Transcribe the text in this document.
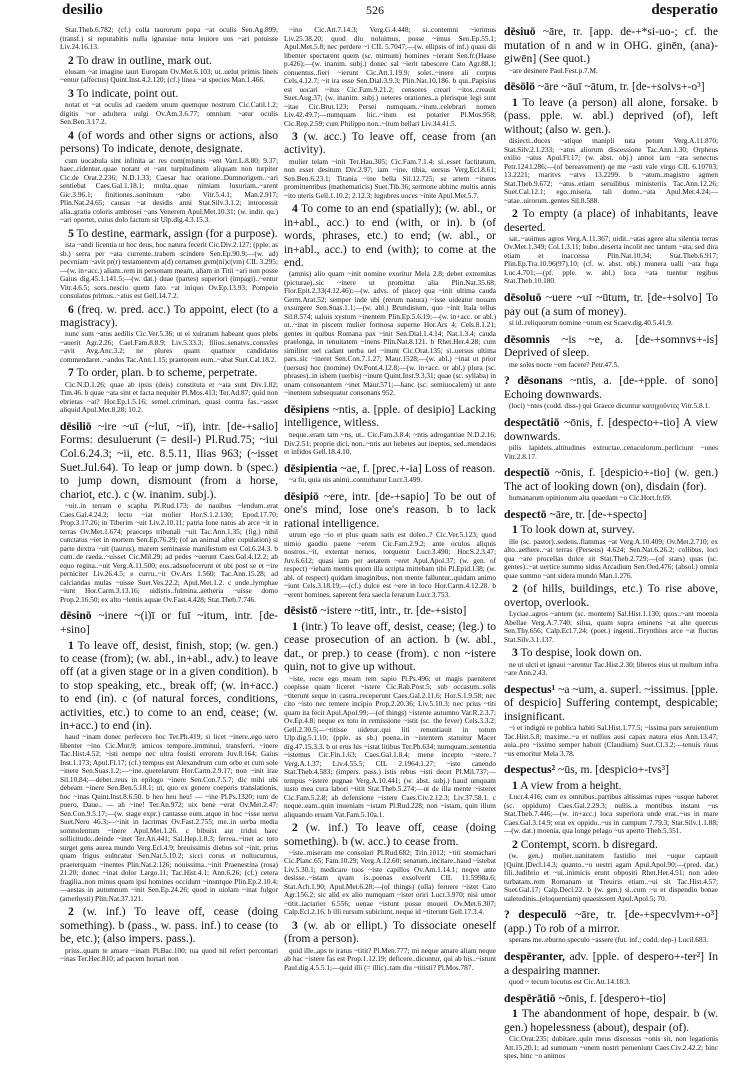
desilio	526	desperatio
Stat.Theb.6.782; (cf.) colla taurorum popa ~at oculis Sen.Ag.899; (transf.) si reputabitis nulla ignauiae nota leuiore uos ~ari potuisse Liv.24.16.13.
2 To draw in outline, mark out.
elusam ~at imagine tauri Europam Ov.Met.6.103; ut..uelut primis lineis ~entur (affectus) Quint.Inst.4.2.120; (cf.) linea ~at species Man.1.466.
3 To indicate, point out.
notat et ~at oculis ad caedem unum quemque nostrum Cic.Catil.1.2; digitis ~or adultera uulgi Ov.Am.3.6.77; omnium ~atur oculis Sen.Ben.3.17.2.
4 (of words and other signs or actions, also persons) To indicate, denote, designate.
cum uocabula sint infinita ac res com(m)unis ~ent Varr.L.8.80; 9.37; haec..ridentur..quae notant et ~ant turpitudinem aliquam non turpiter Cic.de Orat.2.236; N.D.1.33; Caesar hac oratione..Dumnorigem..~ari sentiebat Caes.Gal.1.18.1; multa..quae nimiam luxuriam..~arent Gic.3.96.1; finitiones..sonituum ~abo Vitr.5.4.1; Man.2.917; Plin.Nat.24.65; causas ~at desidis anni Stat.Silv.3.1.2; introcessit alia..gratia coloris ambrosei ~ans Venerem Apul.Met.10.31; (w. indir. qu.) ~ari oportet, cuius dolo factum sit Ulp.dig.4.3.15.3.
5 To destine, earmark, assign (for a purpose).
ista ~andi licentia ut hoc deus, hoc natura fecerit Cic.Div.2.127; (pple. as sb.) serra per ~ata currente..trabem scindere Sen.Ep.90.9;—(w. ad) pecvniam ~avit pr(r) testamentvm a(d) certamen gvm(ni)c(vm) CIL 3.295;—(w. in+acc.) aliam..rem in personam meam, aliam in Titii ~ari non posse Gaius dig.45.1.141.5;—(w. dat.) duae (partes) superiori (impagi)..~entur Vitr.4.6.5; sors..nescio quem fato ~at iniquo Ov.Ep.13.93; Pompeio consulatus primus..~atus est Gell.14.7.2.
6 (freq. w. pred. acc.) To appoint, elect (to a magistracy).
nunc sum ~atus aedilis Cic.Ver.5.36; ut ei xuiratum habeant quos plebs ~auerit Agr.2.26; Cael.Fam.8.8.9; Liv.5.33.3; filios..senatvs..consvles ~avit Avg.Anc.3.2; ne plures quam quattuor candidatos commendaret..~andos Tac.Ann.1.15; praetorem eum..~abat Suet.Cal.18.2.
7 To order, plan. b to scheme, perpetrate.
Cic.N.D.1.26; quae ab ipsis (deis) constituta et ~ata sunt Div.1.82; Tim.46. b quae ~ata sint et facta nequiter Pl.Mos.413; Ter.Ad.87; quid non ebrietas ~at? Hor.Ep.1.5.16; semel..criminari, quasi contra fas..~asset aliquid Apul.Met.8.28; 10.2.
dēsiliō ~ire ~uī (~luī, ~iī), intr. [de-+salio] Forms: desuluerunt (= desil-) Pl.Rud.75; ~iui Col.6.24.3; ~ii, etc. 8.5.11, Ilias 963; (~isset Suet.Jul.64). To leap or jump down. b (spec.) to jump down, dismount (from a horse, chariot, etc.). c (w. inanim. subj.).
~uit..in terram e scapha Pl.Rud.173; de nauibus ~lendum..erat Caes.Gal.4.24.2; lecto ~iat mulier Hor.S.1.2.130; Epod.17.70; Prop.3.17.26; in Tiberim ~uit Liv.2.10.11; patria Ione natus ab arce ~it in terras Ov.Met.1.674; praeceps tribunali ~uit Tac.Ann.1.35; (fig.) nihil cunctatus ~iet in mortem Sen.Ep.76.29; (of an animal after copulation) si parte dextra ~uit (taurus), marem seminasse manifestum est Col.6.24.3. b cum..de raeda..~uisset Cic.Mil.29; ad pedes ~uerunt Caes.Gal.4.12.2; ab equo regina..~uit Verg.A.11.500; eos..adsuefecerunt et ubi post se et ~ire perniciter Liv.26.4.5; e curru..~it Ov.Ars 1.560; Tac.Ann.15.28; ad calciandas mulas ~uisse Suet.Ves.22.2; Apul.Met.1.2. c unde..lymphae ~iunt Hor.Carm.3.13.16; uidistis..fulmina..aetheria ~uisse domo Prop.2.16.50; ex alto ~lentis aquae Ov.Fast.4.428; Stat.Theb.7.746.
dēsinō ~inere ~(i)ī or fuī ~itum, intr. [de-+sino]
1 To leave off, desist, finish, stop; (w. gen.) to cease (from); (w. abl., in+abl., adv.) to leave off (at a given stage or in a given condition). b to stop speaking, etc., break off; (w. in+acc.) to end (in). c (of natural forces, conditions, activities, etc.) to come to an end, cease; (w. in+acc.) to end (in).
haud ~inam donec perfecero hoc Ter.Ph.419; si licet ~inere..ego uero libenter ~ino Cic.Mur.9; amicos tempore..imminui, transferri, ~inere Tac.Hist.4.52; ~isti nempe nec ultra fouisti errorem Juv.8.164; Gaius Inst.1.173; Apul.Fl.17; (cf.) tempus est Alexandrum cum orbe et cum sole ~inere Sen.Suas.1.2;—~ine..querelarum Hor.Carm.2.9.17; non ~init irae Sil.10.84;—debet..reus in epilogo ~inere Sen.Con.7.5.7; dic mihi ubi debeam ~inere Sen.Ben.5.18.1; ut, quo ex genere coeperis translationis, hoc ~inas Quint.Inst.8.6.50. b heu heu heu! — ~ine Pl.Ps.1320; tum de puero, Daue.. — ah ~ine! Ter.An.972; uix bene ~erat Ov.Met.2.47; Sen.Con.9.5.17;—(w. stage expr.) cantasse eum..atque in hoc ~isse uersu Suet.Nero 46.3;—~init in lacrimas Ov.Fast.2.755; me..in uerba media somnolentum ~inere Apul.Met.1.26. c bibuist aut tridui haec sollicitudo..deinde ~inet Ter.An.441; Sal.Hep.1.8.3; ferrea..~inet ac toto surget gens aurea mundo Verg.Ecl.4.9; breuissimis diebus sol ~init, prius quam frigus eulncatur Sen.Nat.5.10.2; sicci corus et nultucurnus, praeterquam ~inentes Plin.Nat.2.126; nouissima..~init Praenestina (rosa) 21.20; donec ~inat dolor Largo.11; Tac.Hist.4.1; Ann.6.26; (cf.) cetera fragilia..non minus quam ipsi homines occidunt ~inuntque Plin.Ep.2.10.4;—aestas in autumnum ~init Sen.Ep.24.26; quod in uiolam ~inat fulgor (amethysti) Plin.Nat.37.121.
2 (w. inf.) To leave off, cease (doing something). b (pass., w. pass. inf.) to cease (to be, etc.); (also impers. pass.).
prius..quam te amare ~inam Pl.Bac.100; tua quod nil refert percontari ~inas Ter.Hec.810; ad pacem hortari non
~ino Cic.Att.7.14.3; Verg.G.4.448; si..contemni ~ierimus Liv.25.38.20; quod diu noluimus, posse ~imus Sen.Ep.55.1; Apul.Met.5.8; nec perdere ~i CIL 5.7047;—(w. ellipsis of inf.) quasi dii libenter spectarent quem (sc. mimum) homines ~ierant Sen.fr.(Haase p.426);—(w. inanim. subj.) donec sal ~ierit tabescere Cato Agr.88.1; conuentus..fieri ~ierunt Cic.Att.1.19.9; solet..~inere ali corpus Cels.4.12.7; ~it ira esse Sen.Dial.3.9.3; Plin.Nat.10.186. b qui..Papisius est uocari ~itus Cic.Fam.9.21.2; censores creari ~itos..creauit Suet.Aug.37; (w. inanim. subj.) ueteres orationes..a plerisque legi sunt ~itae Cic.Brut.123; Persei numquam..~itum..celebrari nomen Liv.42.49.7;—numquam hic..~itum est potarier Pl.Mos.958; Cic.Rep.2.59; cum Philippo non..~itum bellari Liv.34.41.5.
3 (w. acc.) To leave off, cease from (an activity).
mulier telam ~init Ter.Hau.305; Cic.Fam.7.1.4; si..esset factitatum, non esset desitum Div.2.97; iam ~ine, tibia, uersus Verg.Ecl.8.61; Sen.Ben.6.23.1; Titania ~ine bella Sil.12.725; se artem ~ituros promittentibus (mathematicis) Suet.Tib.36; sermone abhinc multis annis ~ito uteris Gell.1.10.2; 2.12.3; lugubres uoces ~inite Apul.Met.5.7.
4 To come to an end (spatially); (w. abl., or in+abl., acc.) to end (with, or in). b (of words, phrases, etc.) to end; (w. abl., or in+abl., acc.) to end (with); to come at the end.
(amnis) alio quam ~init nomine exoritur Mela 2.8; debet extremitas (picturae)..sic ~inere ut promittat alia Plin.Nat.35.68; Flor.Epit.2.33(4.12.46);—(w. advs. of place) qua ~init ultima cauda Germ.Arat.52; semper inde ubi (rerum natura) ~isse uideatur nouam exsurgere Sen.Suas.1.1;—(w. abl.) Brundisium, quo ~init Itala tellus Sil.8.574; ualuis xystum ~inentem Plin.Ep.5.6.19;—(w. in+acc. or abl.) ut..~inat in piscem mulier formosa superne Hor.Ars 4; Cels.8.1.21; gentes in quibus Romana pax ~init Sen.Dial.1.4.14; Nat.1.3.4; cauda praelonga, in tenuitatem ~inens Plin.Nat.8.121. b Rhet.Her.4.28; cum similiter uel cadant uerba uel ~inunt Cic.Orat.135; si..uersus ultima pars..sic ~ineret Sen.Con.7.1.27; Maur.1528;—(w. abl.) ~inat ut prior (uersus) hoc (nomine) Ov.Pont.4.12.8;—(w. in+acc. or abl.) plura (sc. phrases)..in isbem (uerbis) ~inunt Quint.Inst.9.3.31; quae (sc. syllaba) in unam consonantem ~inet Maur.571;—hanc (sc. semiuocalem) ut ante ~inentem subsequatur consonans 952.
dēsipiens ~ntis, a. [pple. of desipio] Lacking intelligence, witless.
neque..eram tam ~ns, ut.. Cic.Fam.3.8.4; ~ntis adrogantiae N.D.2.16; Div.2.51; proprie dici, non..~ntis aut hebetes aut ineptos, sed..mendaces et infidos Gell.18.4.10.
dēsipientia ~ae, f. [prec.+-ia] Loss of reason.
~a fit, quia uis animi..conturbatur Lucr.3.499.
dēsipiō ~ere, intr. [de-+sapio] To be out of one's mind, lose one's reason. b to lack rational intelligence.
utrum ego ~io et plus quam satis est doleo..? Cic.Ver.5.123; quod nimio gaudio paene ~erem Cic.Fam.2.9.2; ante oculos aliquis nostros..~it, extentat neruos, torquetur Lucr.3.490; Hor.S.2.3.47; Juv.6.612; quasi iam per aetatem ~eret Apul.Apol.37; (w. gen. of respect) ~iebam mentis quom illa scripta mittebam tibi Pl.Epid.138; (w. abl. of respect) quidam imaginibus, non mente falluntur..quidam animo ~iunt Cels.3.18.19;—(cf.) dulce est ~ere in loco Hor.Carm.4.12.28. b ~erent homines, saperent fera saecla ferarum Lucr.3.753.
dēsistō ~istere ~titī, intr., tr. [de-+sisto]
1 (intr.) To leave off, desist, cease; (leg.) to cease prosecution of an action. b (w. abl., dat., or prep.) to cease (from). c non ~istere quin, not to give up without.
~iste, recte ego meam rem sapio Pl.Ps.496; ut magis paeniteret coepisse quam liceret ~istere Cic.Rab.Post.5; sub occasum..solis ~titerunt seque in castra..receperunt Caes.Gal.2.11.6; Hor.S.1.9.58; nec cito ~isto nec temere incipio Prop.2.20.36; Liv.5.10.3; nec prius ~titi quam ita fecit Apul.Apol.99;—(of things) ~istente autumno Var.R.2.3.7; Ov.Ep.4.8; neque ex toto in remissione ~istit (sc. the fever) Cels.3.3.2; Gell.2.30.5;—~titisse uidetur..qui liti renuntiauit in totum Ulp.dig.5.1.10; (pple. as sb.) poena..in ~istentem statuitur Macer dig.47.15.3.3. b ut erus his ~istat litibus Ter.Ph.634; numquam..sententia ~istemus Cic.Fin.1.63; Caes.Gal.1.8.4; mene incepto ~stere..? Verg.A.1.37; Liv.4.55.5; CIL 2.1964.1.27; ~iste canendo Stat.Theb.4.583; (impers. pass.) istis rebus ~isti decet Pl.Mil.737;—tempus ~istere pugnae Verg.A.10.441; (w. abst. subj.) haud umquam iusto mea cura labori ~titit Stat.Theb.5.274;—ut de illa mente ~isteret Cic.Fam.5.2.8; ab defensione ~istere Caes.Civ.2.12.3; Liv.37.58.1. c neque..eam..quin inueniam ~istam Pl.Rud.228; non ~istam, quin illum aliquando eruam Vat.Fam.5.10a.1.
2 (w. inf.) To leave off, cease (doing something). b (w. acc.) to cease from.
~iste..miseram me consolari Pl.Rud.682; Trin.1012; ~titi stomachari Cic.Planc.65; Fam.10.29; Verg.A.12.60; senatum..incitare..haud ~istebat Liv.5.30.1; medicare tuos ~iste capillos Ov.Am.1.14.1; neqve ante desisse..~istam qvam is..poenas exsolverit CIL 11.5998a.6; Stat.Ach.1.90; Apul.Met.6.28;—(of things) (olla) feruere ~istet Cato Agr.156.2; sic alid ex alio numquam ~istet oriri Lucr.3.970; nisi umor ~titit..iactarier 6.556; uenae ~istunt posse moueri Ov.Met.6.307; Calp.Ecl.2.16. b illi rursum subiciunt, neque id ~titerunt Gell.17.3.4.
3 (w. ab or ellipt.) To dissociate oneself (from a person).
quid ille..aps te iratus ~titit? Pl.Men.777; mi neque amare aliam neque ab hac ~istere fas est Prop.1.12.19; deficere..dicuntur, qui ab his..~istunt Paul.dig.4.5.5.1;—quid illi (= illic)..tam diu ~titisti? Pl.Mos.787.
dēsiuō ~āre, tr. [app. de-+*si-uo-; cf. the mutation of n and w in OHG. ginēn, (ana)-giwēn] (See quot.)
~are desinere Paul.Fest.p.7.M.
dēsōlō ~āre ~āuī ~ātum, tr. [de-+solvs+-o³]
1 To leave (a person) all alone, forsake. b (pass. pple. w. abl.) deprived (of), left without; (also w. gen.).
disiecti..duces ~atique manipli tuta petunt Verg.A.11.870; Stat.Silv.2.1.233; ~atus aliorum discessione Tac.Ann.1.30; Orpheus exilio ~atus Apul.Fl.17; (w. abst. obj.) annoi iam ~ata senectus Petr.124.l.286;—(of bereavement) qe me ~asti vale virgo CIL 6.10703; 13.2221; maritvs ~atvs 13.2299. b ~atum..magistro agmen Stat.Theb.9.672; ~atus..etiam seruilibus ministeriis Tac.Ann.12.26; Suet.Cal.12.1; ego..misera, tali domo..~ata Apul.Met.4.24;—~atae..uirorum..gentes Sil.8.588.
2 To empty (a place) of inhabitants, leave deserted.
sat..~auimus agros Verg.A.11.367; uidit..~atas agere alta silentia terras Ov.Met.1.349; Col.1.3.11; bubo..deserta incolit nec tantum ~ata, sed dira etiam et inaccessa Plin.Nat.10.34; Stat.Theb.6.917; Plin.Ep.Tra.10.96(97).10; (cf. w. abst. obj.) munera ualli ~ata fuga Luc.4.701;—(pf. pple. w. abl.) loca ~ata tuentur regibus Stat.Theb.10.180.
dēsoluō ~uere ~uī ~ūtum, tr. [de-+solvo] To pay out (a sum of money).
si id..reliquorum nomine ~utum est Scaev.dig.40.5.41.9.
dēsomnis ~is ~e, a. [de-+somnvs+-is] Deprived of sleep.
me soles nocte ~em facere? Petr.47.5.
? dēsonans ~ntis, a. [de-+pple. of sono] Echoing downwards.
(loci) ~ntes (codd. diss-) qui Graece dicuntur κατηχοῦντες Vitr.5.8.1.
despectātiō ~ōnis, f. [despecto+-tio] A view downwards.
pilis lapideis..altitudines extructae..cenaculorum..perficiunt ~ones Vitr.2.8.17.
despectiō ~ōnis, f. [despicio+-tio] (w. gen.) The act of looking down (on), disdain (for).
humanarum opinionum alta quaedam ~o Cic.Hort.fr.69.
despectō ~āre, tr. [de-+specto]
1 To look down at, survey.
ille (sc. pastor)..sedens..flammas ~at Verg.A.10.409; Ov.Met.2.710; ex alto..aethere..~at terras (Perseus) 4.624; Sen.Nat.6.26.2; collibus, loci qua ~are procellas dulce sit Stat.Theb.2.729;—(of stars) quas (sc. gentes)..~at uertice summo sidus Arcadium Sen.Oed.476; (absol.) omnia quae summo ~ant sidera mundo Man.1.276.
2 (of hills, buildings, etc.) To rise above, overtop, overlook.
Lyciae..agros ~antem (sc. montem) Sal.Hist.1.130; quos..~ant moenia Abellae Verg.A.7.740; silua, quam supra eminens ~at alte quercus Sen.Thy.656; Calp.Ecl.7.24; (poet.) ingenti..Tirynthius arce ~at fluctus Stat.Silv.3.1.137.
3 To despise, look down on.
ne ut ulcti et ignaui ~arentur Tac.Hist.2.30; liberos eius ut multum infra ~are Ann.2.43.
despectus¹ ~a ~um, a. superl. ~issimus. [pple. of despicio] Suffering contempt, despicable; insignificant.
~i et indigni re publica habiti Sal.Hist.1.77.5; ~issima pars seruientium Tac.Hist.5.8; maxime..~a et nullius ausi capax natura eius Ann.13.47; auia..pro ~issimo semper habuit (Claudium) Suet.Cl.3.2;—tenuis riuus ~us emoritur Mela 3.78.
despectus² ~ūs, m. [despicio+-tvs³]
1 A view from a height.
Lucr.4.416; cum ex omnibus..partibus altissimas rupes ~usque haberet (sc. oppidum) Caes.Gal.2.29.3; nullis..a montibus instant ~us Stat.Theb.7.446;—(w. in+acc.) loca superiora unde erat..~us in mare Caes.Gal.3.14.9; erat ex oppido..~us in campum 7.79.3; Stat.Silv.1.1.88;—(w. dat.) moenia, qua longe pelago ~us aperto Theb.5.351.
2 Contempt, scorn. b disregard.
(w. gen.) mulier..uanitatem fastidio mei ~uque captauit [Quint.]Decl.14.3; quanto..~u uestri agam Apul.Apol.90;—(pred. dat.) fili..ludibrio et ~ui..inimicis erunt obpositi Rhet.Her.4.51; non adeo turbatam..rem Romanam ut Treuiris etiam..~ui sit Tac.Hist.4.57; Suet.Gal.17; Calp.Decl.22. b (w. gen.) si..cum ~u et dispendio bonae ualetudinis..(eloquentiam) quaesissem Apul.Apol.5; 70.
? despeculō ~āre, tr. [de-+specvlvm+-o³] (app.) To rob of a mirror.
sperans me..eburno speculo ~assere (fut. inf.; codd. dep-) Lucil.683.
despēranter, adv. [pple. of despero+-ter²] In a despairing manner.
quod ~ tecum locutus est Cic.Att.14.18.3.
despērātiō ~ōnis, f. [despero+-tio]
1 The abandonment of hope, despair. b (w. gen.) hopelessness (about), despair (of).
Cic.Orat.235; dubitare..quin meus discessus ~onis sit, non legationis Att.15.20.1; ad summam ~onem nostri perueniunt Caes.Civ.2.42.2; hinc spes, hinc ~o animos
